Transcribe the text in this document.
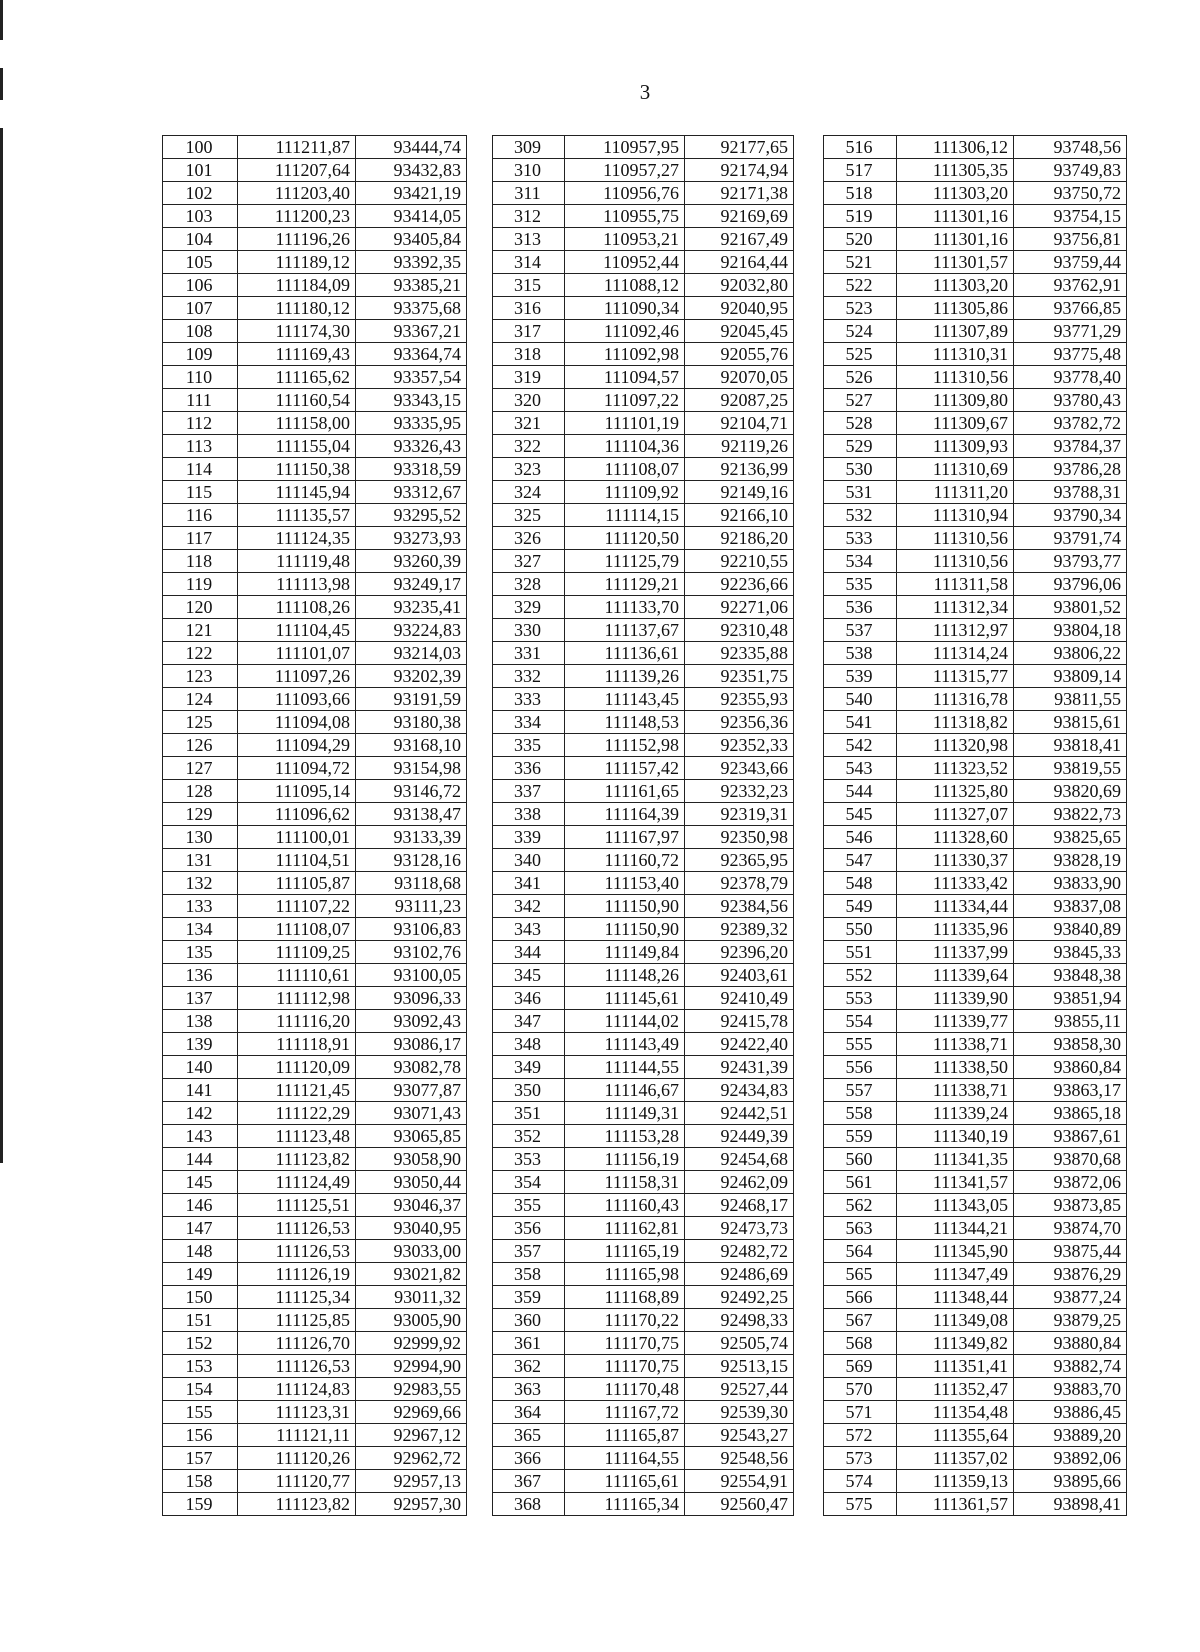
3
100	111211,87	93444,74		309	110957,95	92177,65		516	111306,12	93748,56
101	111207,64	93432,83		310	110957,27	92174,94		517	111305,35	93749,83
102	111203,40	93421,19		311	110956,76	92171,38		518	111303,20	93750,72
103	111200,23	93414,05		312	110955,75	92169,69		519	111301,16	93754,15
104	111196,26	93405,84		313	110953,21	92167,49		520	111301,16	93756,81
105	111189,12	93392,35		314	110952,44	92164,44		521	111301,57	93759,44
106	111184,09	93385,21		315	111088,12	92032,80		522	111303,20	93762,91
107	111180,12	93375,68		316	111090,34	92040,95		523	111305,86	93766,85
108	111174,30	93367,21		317	111092,46	92045,45		524	111307,89	93771,29
109	111169,43	93364,74		318	111092,98	92055,76		525	111310,31	93775,48
110	111165,62	93357,54		319	111094,57	92070,05		526	111310,56	93778,40
111	111160,54	93343,15		320	111097,22	92087,25		527	111309,80	93780,43
112	111158,00	93335,95		321	111101,19	92104,71		528	111309,67	93782,72
113	111155,04	93326,43		322	111104,36	92119,26		529	111309,93	93784,37
114	111150,38	93318,59		323	111108,07	92136,99		530	111310,69	93786,28
115	111145,94	93312,67		324	111109,92	92149,16		531	111311,20	93788,31
116	111135,57	93295,52		325	111114,15	92166,10		532	111310,94	93790,34
117	111124,35	93273,93		326	111120,50	92186,20		533	111310,56	93791,74
118	111119,48	93260,39		327	111125,79	92210,55		534	111310,56	93793,77
119	111113,98	93249,17		328	111129,21	92236,66		535	111311,58	93796,06
120	111108,26	93235,41		329	111133,70	92271,06		536	111312,34	93801,52
121	111104,45	93224,83		330	111137,67	92310,48		537	111312,97	93804,18
122	111101,07	93214,03		331	111136,61	92335,88		538	111314,24	93806,22
123	111097,26	93202,39		332	111139,26	92351,75		539	111315,77	93809,14
124	111093,66	93191,59		333	111143,45	92355,93		540	111316,78	93811,55
125	111094,08	93180,38		334	111148,53	92356,36		541	111318,82	93815,61
126	111094,29	93168,10		335	111152,98	92352,33		542	111320,98	93818,41
127	111094,72	93154,98		336	111157,42	92343,66		543	111323,52	93819,55
128	111095,14	93146,72		337	111161,65	92332,23		544	111325,80	93820,69
129	111096,62	93138,47		338	111164,39	92319,31		545	111327,07	93822,73
130	111100,01	93133,39		339	111167,97	92350,98		546	111328,60	93825,65
131	111104,51	93128,16		340	111160,72	92365,95		547	111330,37	93828,19
132	111105,87	93118,68		341	111153,40	92378,79		548	111333,42	93833,90
133	111107,22	93111,23		342	111150,90	92384,56		549	111334,44	93837,08
134	111108,07	93106,83		343	111150,90	92389,32		550	111335,96	93840,89
135	111109,25	93102,76		344	111149,84	92396,20		551	111337,99	93845,33
136	111110,61	93100,05		345	111148,26	92403,61		552	111339,64	93848,38
137	111112,98	93096,33		346	111145,61	92410,49		553	111339,90	93851,94
138	111116,20	93092,43		347	111144,02	92415,78		554	111339,77	93855,11
139	111118,91	93086,17		348	111143,49	92422,40		555	111338,71	93858,30
140	111120,09	93082,78		349	111144,55	92431,39		556	111338,50	93860,84
141	111121,45	93077,87		350	111146,67	92434,83		557	111338,71	93863,17
142	111122,29	93071,43		351	111149,31	92442,51		558	111339,24	93865,18
143	111123,48	93065,85		352	111153,28	92449,39		559	111340,19	93867,61
144	111123,82	93058,90		353	111156,19	92454,68		560	111341,35	93870,68
145	111124,49	93050,44		354	111158,31	92462,09		561	111341,57	93872,06
146	111125,51	93046,37		355	111160,43	92468,17		562	111343,05	93873,85
147	111126,53	93040,95		356	111162,81	92473,73		563	111344,21	93874,70
148	111126,53	93033,00		357	111165,19	92482,72		564	111345,90	93875,44
149	111126,19	93021,82		358	111165,98	92486,69		565	111347,49	93876,29
150	111125,34	93011,32		359	111168,89	92492,25		566	111348,44	93877,24
151	111125,85	93005,90		360	111170,22	92498,33		567	111349,08	93879,25
152	111126,70	92999,92		361	111170,75	92505,74		568	111349,82	93880,84
153	111126,53	92994,90		362	111170,75	92513,15		569	111351,41	93882,74
154	111124,83	92983,55		363	111170,48	92527,44		570	111352,47	93883,70
155	111123,31	92969,66		364	111167,72	92539,30		571	111354,48	93886,45
156	111121,11	92967,12		365	111165,87	92543,27		572	111355,64	93889,20
157	111120,26	92962,72		366	111164,55	92548,56		573	111357,02	93892,06
158	111120,77	92957,13		367	111165,61	92554,91		574	111359,13	93895,66
159	111123,82	92957,30		368	111165,34	92560,47		575	111361,57	93898,41
